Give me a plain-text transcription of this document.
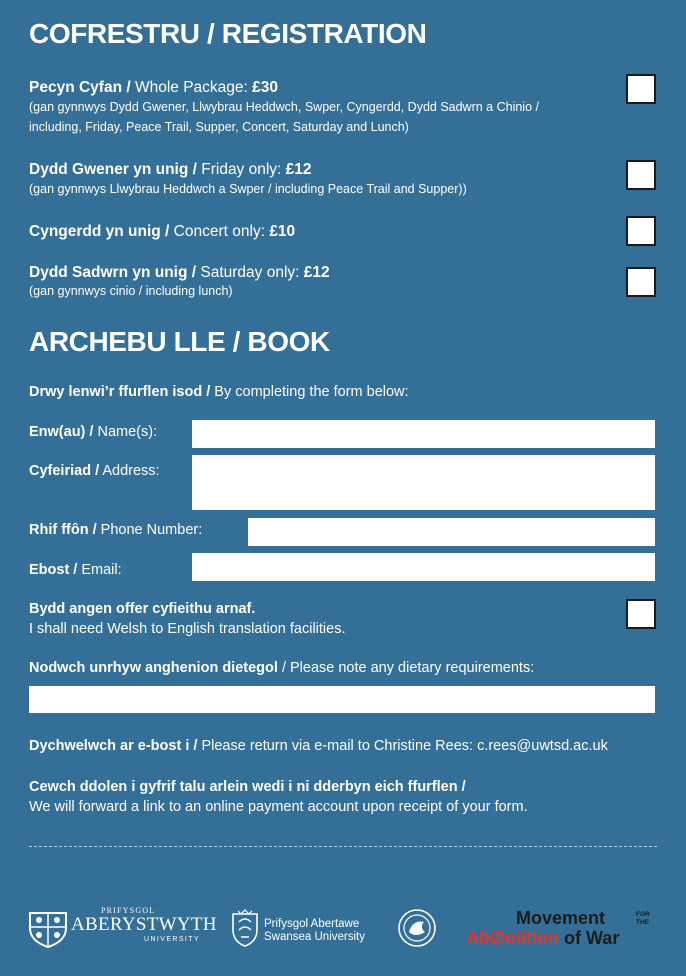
COFRESTRU / REGISTRATION
Pecyn Cyfan / Whole Package: £30
(gan gynnwys Dydd Gwener, Llwybrau Heddwch, Swper, Cyngerdd, Dydd Sadwrn a Chinio /
including, Friday, Peace Trail, Supper, Concert, Saturday and Lunch)
Dydd Gwener yn unig / Friday only: £12
(gan gynnwys Llwybrau Heddwch a Swper / including Peace Trail and Supper))
Cyngerdd yn unig / Concert only: £10
Dydd Sadwrn yn unig / Saturday only: £12
(gan gynnwys cinio / including lunch)
ARCHEBU LLE / BOOK
Drwy lenwi’r ffurflen isod / By completing the form below:
Enw(au) / Name(s):
Cyfeiriad / Address:
Rhif ffôn / Phone Number:
Ebost / Email:
Bydd angen offer cyfieithu arnaf.
I shall need Welsh to English translation facilities.
Nodwch unrhyw anghenion dietegol / Please note any dietary requirements:
Dychwelwch ar e-bost i / Please return via e-mail to Christine Rees: c.rees@uwtsd.ac.uk
Cewch ddolen i gyfrif talu arlein wedi i ni dderbyn eich ffurflen /
We will forward a link to an online payment account upon receipt of your form.
PRIFYSGOL
ABERYSTWYTH
UNIVERSITY
Prifysgol Abertawe
Swansea University
Movement	FOR
THE
Ab olition of War
